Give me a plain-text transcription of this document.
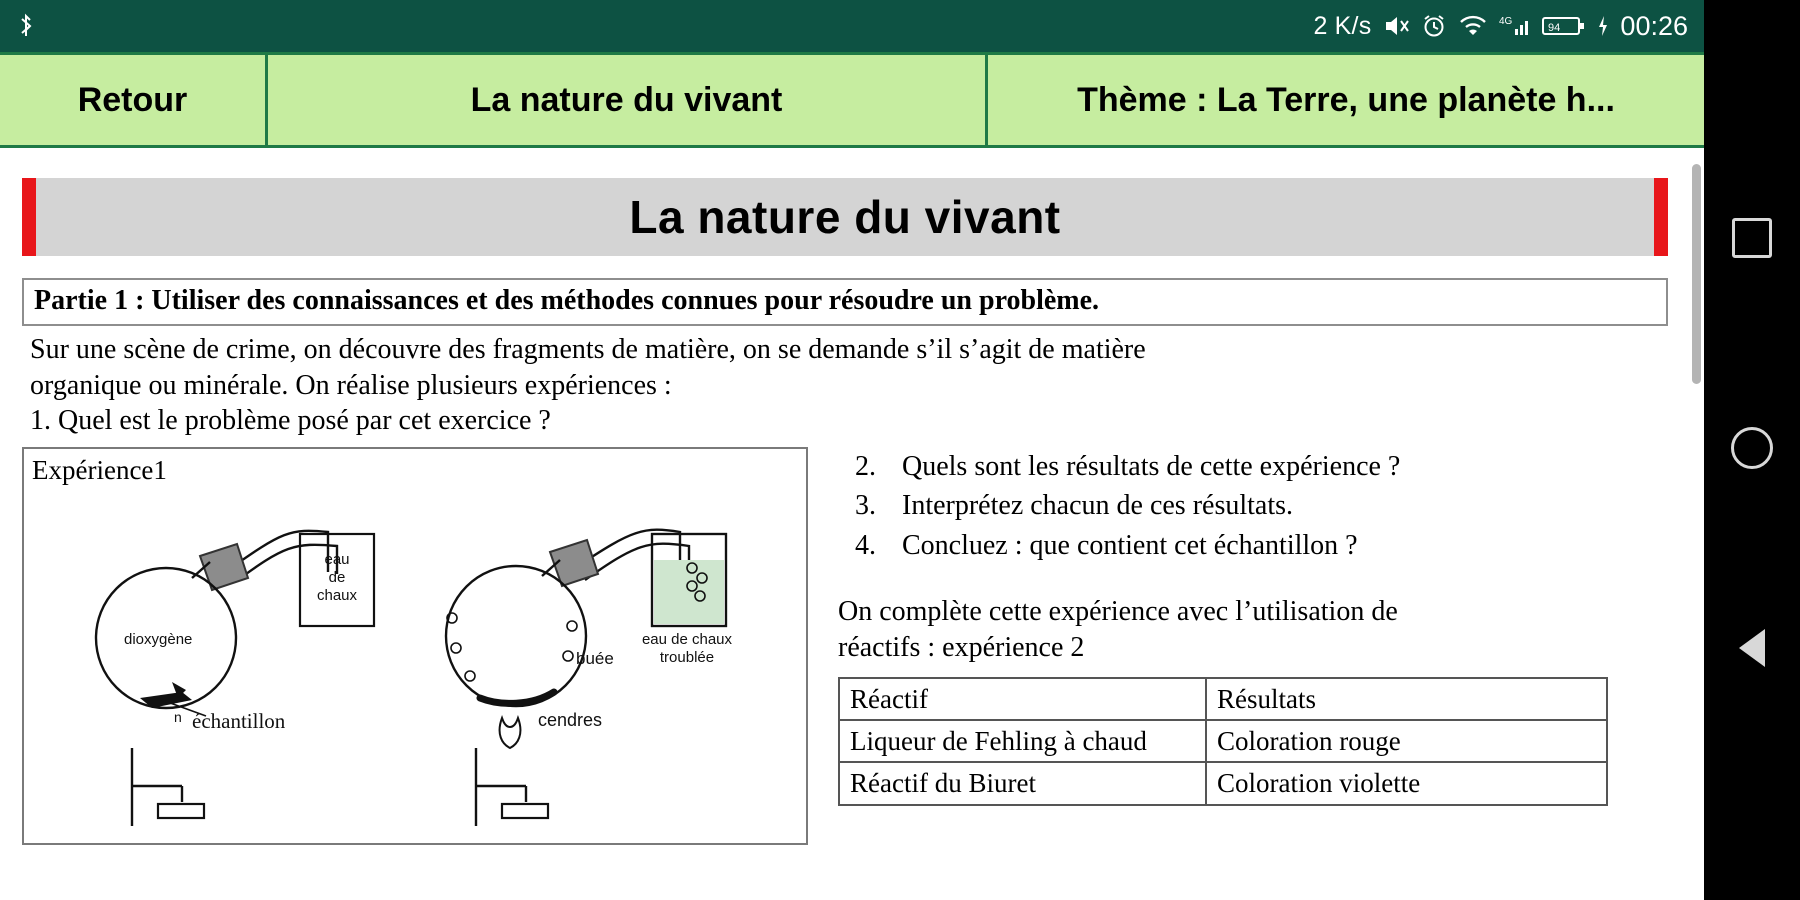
2 K/s	4G
94 00:26
Retour	La nature du vivant	Thème : La Terre, une planète h...
La nature du vivant
Partie 1 : Utiliser des connaissances et des méthodes connues pour résoudre un problème.
Sur une scène de crime, on découvre des fragments de matière, on se demande s’il s’agit de matière
organique ou minérale. On réalise plusieurs expériences :
1. Quel est le problème posé par cet exercice ?
Expérience1
eau
de
chaux
dioxygène
n échantillon
eau de chaux
troublée
buée
cendres
2. Quels sont les résultats de cette expérience ?
3. Interprétez chacun de ces résultats.
4. Concluez : que contient cet échantillon ?
On complète cette expérience avec l’utilisation de
réactifs : expérience 2
Réactif	Résultats
Liqueur de Fehling à chaud	Coloration rouge
Réactif du Biuret	Coloration violette
